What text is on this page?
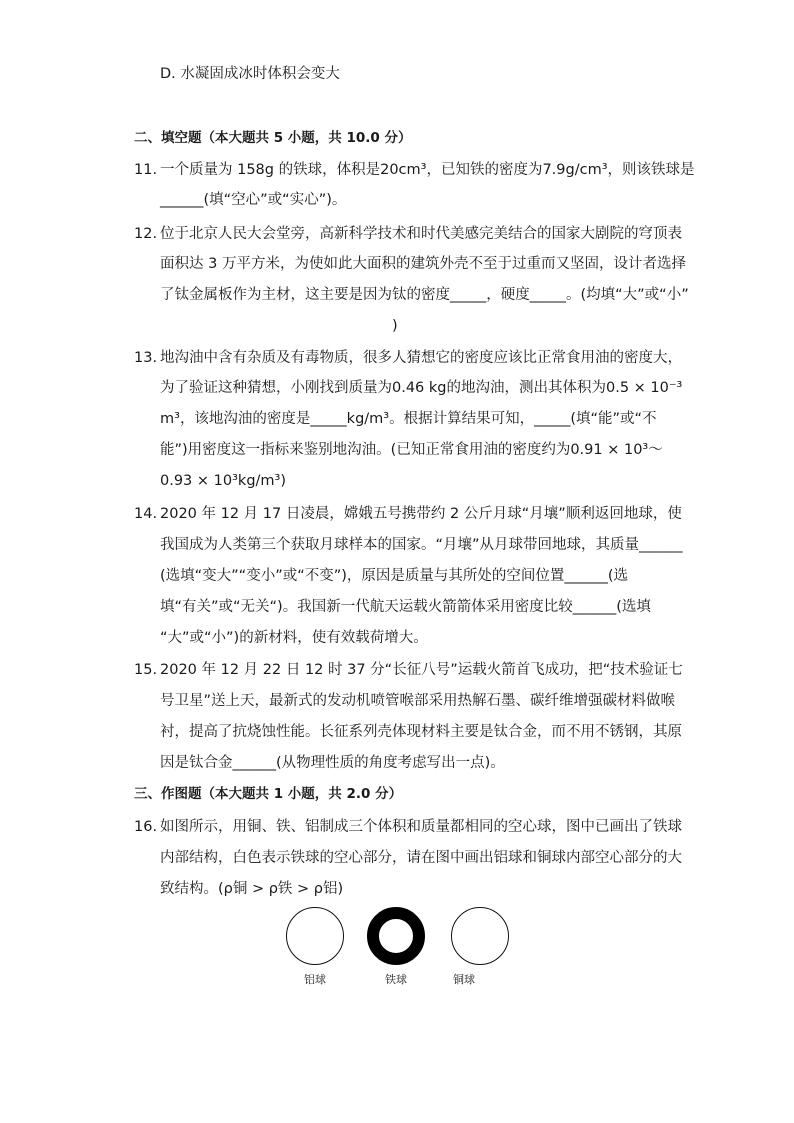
D. 水凝固成冰时体积会变大
二、填空题（本大题共 5 小题，共 10.0 分）
11. 一个质量为 158g 的铁球，体积是20cm³，已知铁的密度为7.9g/cm³，则该铁球是
______(填“空心”或“实心”)。
12. 位于北京人民大会堂旁，高新科学技术和时代美感完美结合的国家大剧院的穹顶表
面积达 3 万平方米，为使如此大面积的建筑外壳不至于过重而又坚固，设计者选择
了钛金属板作为主材，这主要是因为钛的密度_____，硬度_____。(均填“大”或“小”
)
13. 地沟油中含有杂质及有毒物质，很多人猜想它的密度应该比正常食用油的密度大，
为了验证这种猜想，小刚找到质量为0.46 kg的地沟油，测出其体积为0.5 × 10⁻³
m³，该地沟油的密度是_____kg/m³。根据计算结果可知，_____(填“能”或“不
能”)用密度这一指标来鉴别地沟油。(已知正常食用油的密度约为0.91 × 10³～
0.93 × 10³kg/m³)
14. 2020 年 12 月 17 日凌晨，嫦娥五号携带约 2 公斤月球“月壤”顺利返回地球，使
我国成为人类第三个获取月球样本的国家。“月壤”从月球带回地球，其质量______
(选填“变大”“变小”或“不变”)，原因是质量与其所处的空间位置______(选
填“有关”或“无关“)。我国新一代航天运载火箭箭体采用密度比较______(选填
“大”或“小”)的新材料，使有效载荷增大。
15. 2020 年 12 月 22 日 12 时 37 分“长征八号”运载火箭首飞成功，把“技术验证七
号卫星”送上天，最新式的发动机喷管喉部采用热解石墨、碳纤维增强碳材料做喉
衬，提高了抗烧蚀性能。长征系列壳体现材料主要是钛合金，而不用不锈钢，其原
因是钛合金______(从物理性质的角度考虑写出一点)。
三、作图题（本大题共 1 小题，共 2.0 分）
16. 如图所示，用铜、铁、铝制成三个体积和质量都相同的空心球，图中已画出了铁球
内部结构，白色表示铁球的空心部分，请在图中画出铝球和铜球内部空心部分的大
致结构。(ρ铜 > ρ铁 > ρ铝)
铝球	铁球	铜球
